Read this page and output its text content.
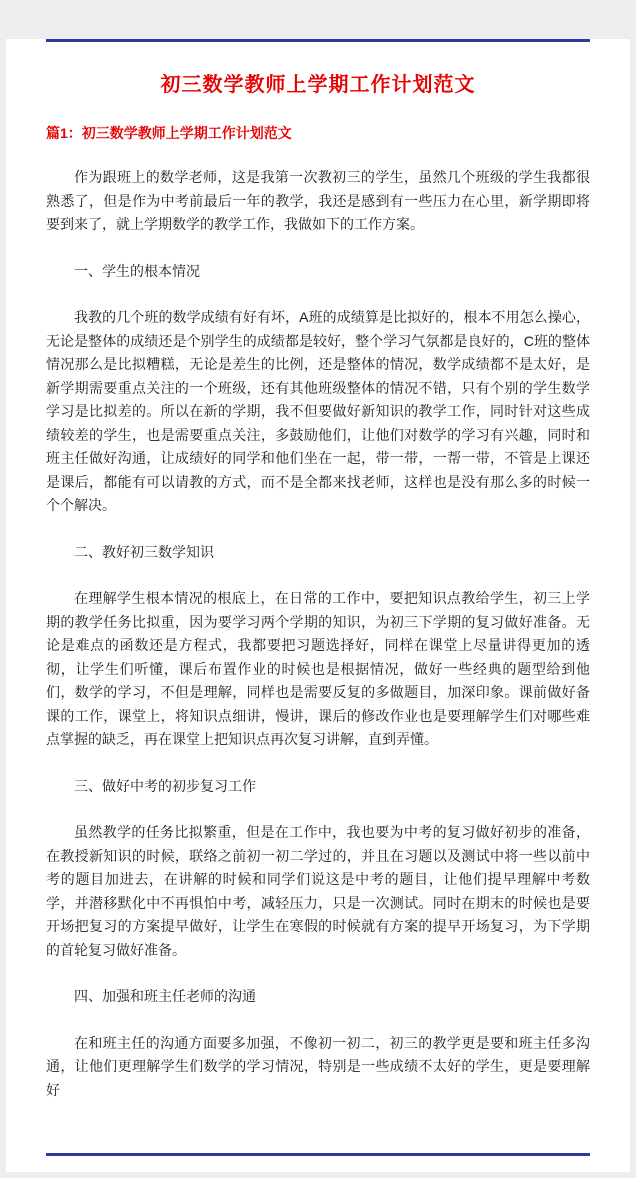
初三数学教师上学期工作计划范文
篇1：初三数学教师上学期工作计划范文

作为跟班上的数学老师，这是我第一次教初三的学生，虽然几个班级的学生我都很熟悉了，但是作为中考前最后一年的教学，我还是感到有一些压力在心里，新学期即将要到来了，就上学期数学的教学工作，我做如下的工作方案。

一、学生的根本情况

我教的几个班的数学成绩有好有坏，A班的成绩算是比拟好的，根本不用怎么操心，无论是整体的成绩还是个别学生的成绩都是较好，整个学习气氛都是良好的，C班的整体情况那么是比拟糟糕，无论是差生的比例，还是整体的情况，数学成绩都不是太好，是新学期需要重点关注的一个班级，还有其他班级整体的情况不错，只有个别的学生数学学习是比拟差的。所以在新的学期，我不但要做好新知识的教学工作，同时针对这些成绩较差的学生，也是需要重点关注，多鼓励他们，让他们对数学的学习有兴趣，同时和班主任做好沟通，让成绩好的同学和他们坐在一起，带一带，一帮一带，不管是上课还是课后，都能有可以请教的方式，而不是全都来找老师，这样也是没有那么多的时候一个个解决。

二、教好初三数学知识

在理解学生根本情况的根底上，在日常的工作中，要把知识点教给学生，初三上学期的教学任务比拟重，因为要学习两个学期的知识，为初三下学期的复习做好准备。无论是难点的函数还是方程式，我都要把习题选择好，同样在课堂上尽量讲得更加的透彻，让学生们听懂，课后布置作业的时候也是根据情况，做好一些经典的题型给到他们，数学的学习，不但是理解，同样也是需要反复的多做题目，加深印象。课前做好备课的工作，课堂上，将知识点细讲，慢讲，课后的修改作业也是要理解学生们对哪些难点掌握的缺乏，再在课堂上把知识点再次复习讲解，直到弄懂。

三、做好中考的初步复习工作

虽然教学的任务比拟繁重，但是在工作中，我也要为中考的复习做好初步的准备，在教授新知识的时候，联络之前初一初二学过的，并且在习题以及测试中将一些以前中考的题目加进去，在讲解的时候和同学们说这是中考的题目，让他们提早理解中考数学，并潜移默化中不再惧怕中考，减轻压力，只是一次测试。同时在期末的时候也是要开场把复习的方案提早做好，让学生在寒假的时候就有方案的提早开场复习，为下学期的首轮复习做好准备。

四、加强和班主任老师的沟通

在和班主任的沟通方面要多加强，不像初一初二，初三的教学更是要和班主任多沟通，让他们更理解学生们数学的学习情况，特别是一些成绩不太好的学生，更是要理解好
